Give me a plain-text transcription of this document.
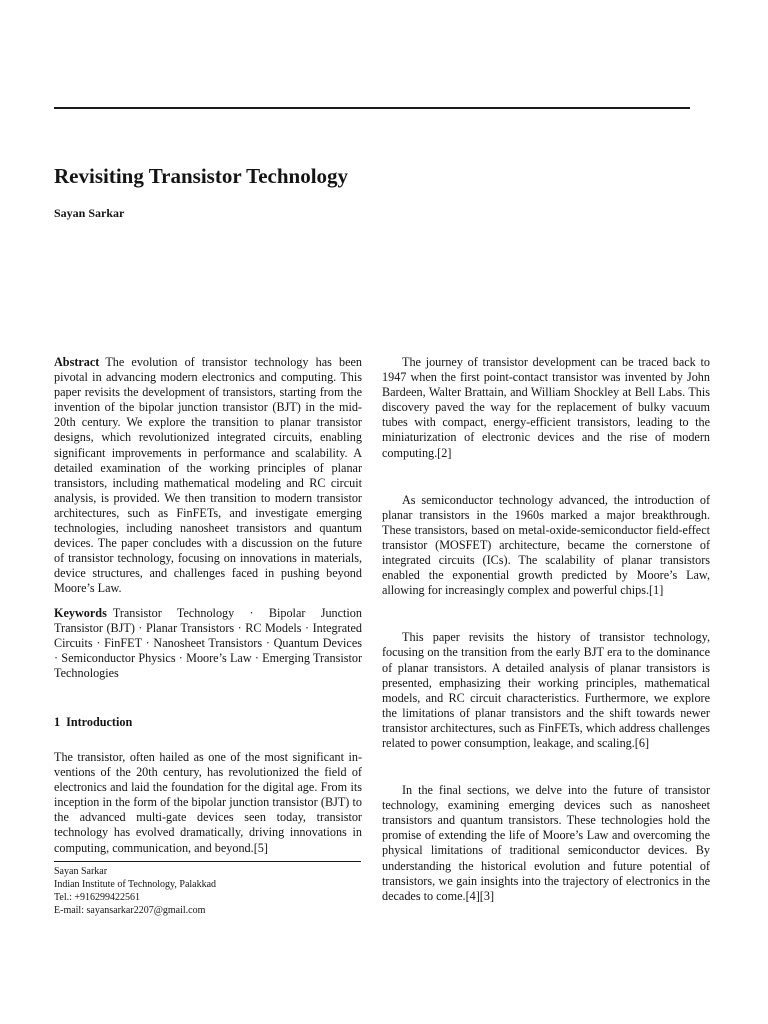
Revisiting Transistor Technology
Sayan Sarkar

Abstract The evolution of transistor technology has been pivotal in advancing modern electronics and computing. This paper revisits the development of transistors, starting from the invention of the bipolar junction transistor (BJT) in the mid-20th century. We explore the transition to planar transistor designs, which revolutionized integrated circuits, enabling significant improvements in performance and scalability. A detailed examination of the working principles of planar transistors, including mathematical modeling and RC circuit analysis, is provided. We then transition to modern transistor architectures, such as FinFETs, and investigate emerging technologies, including nanosheet transistors and quantum devices. The paper concludes with a discussion on the future of transistor technology, focusing on innovations in materials, device structures, and challenges faced in pushing beyond Moore’s Law.

Keywords Transistor Technology · Bipolar Junction Transistor (BJT) · Planar Transistors · RC Models · Integrated Circuits · FinFET · Nanosheet Transistors · Quantum Devices · Semiconductor Physics · Moore’s Law · Emerging Transistor Technologies

1 Introduction

The transistor, often hailed as one of the most significant inventions of the 20th century, has revolutionized the field of electronics and laid the foundation for the digital age. From its inception in the form of the bipolar junction transistor (BJT) to the advanced multi-gate devices seen today, transistor technology has evolved dramatically, driving innovations in computing, communication, and beyond.[5]

The journey of transistor development can be traced back to 1947 when the first point-contact transistor was invented by John Bardeen, Walter Brattain, and William Shockley at Bell Labs. This discovery paved the way for the replacement of bulky vacuum tubes with compact, energy-efficient transistors, leading to the miniaturization of electronic devices and the rise of modern computing.[2]

As semiconductor technology advanced, the introduction of planar transistors in the 1960s marked a major breakthrough. These transistors, based on metal-oxide-semiconductor field-effect transistor (MOSFET) architecture, became the cornerstone of integrated circuits (ICs). The scalability of planar transistors enabled the exponential growth predicted by Moore’s Law, allowing for increasingly complex and powerful chips.[1]

This paper revisits the history of transistor technology, focusing on the transition from the early BJT era to the dominance of planar transistors. A detailed analysis of planar transistors is presented, emphasizing their working principles, mathematical models, and RC circuit characteristics. Furthermore, we explore the limitations of planar transistors and the shift towards newer transistor architectures, such as FinFETs, which address challenges related to power consumption, leakage, and scaling.[6]

In the final sections, we delve into the future of transistor technology, examining emerging devices such as nanosheet transistors and quantum transistors. These technologies hold the promise of extending the life of Moore’s Law and overcoming the physical limitations of traditional semiconductor devices. By understanding the historical evolution and future potential of transistors, we gain insights into the trajectory of electronics in the decades to come.[4][3]

Sayan Sarkar
Indian Institute of Technology, Palakkad
Tel.: +916299422561
E-mail: sayansarkar2207@gmail.com
